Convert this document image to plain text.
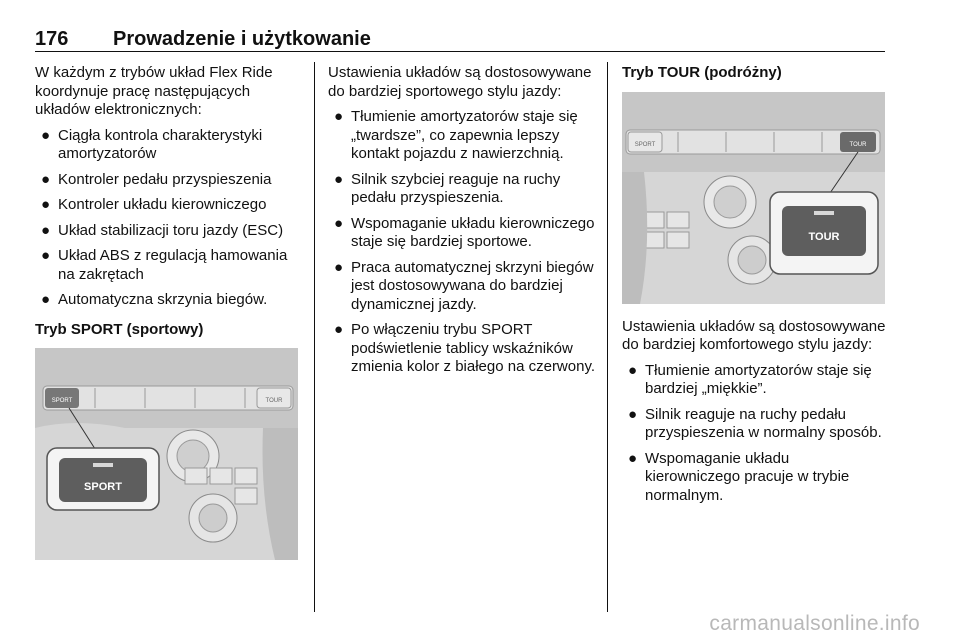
176 Prowadzenie i użytkowanie

W każdym z trybów układ Flex Ride koordynuje pracę następujących układów elektronicznych:

● Ciągła kontrola charakterystyki amortyzatorów
● Kontroler pedału przyspieszenia
● Kontroler układu kierowniczego
● Układ stabilizacji toru jazdy (ESC)
● Układ ABS z regulacją hamowania na zakrętach
● Automatyczna skrzynia biegów.
Tryb SPORT (sportowy)
SPORT	TOUR
SPORT

Ustawienia układów są dostosowywane do bardziej sportowego stylu jazdy:

● Tłumienie amortyzatorów staje się „twardsze”, co zapewnia lepszy kontakt pojazdu z nawierzchnią.
● Silnik szybciej reaguje na ruchy pedału przyspieszenia.
● Wspomaganie układu kierowniczego staje się bardziej sportowe.
● Praca automatycznej skrzyni biegów jest dostosowywana do bardziej dynamicznej jazdy.
● Po włączeniu trybu SPORT podświetlenie tablicy wskaźników zmienia kolor z białego na czerwony.
Tryb TOUR (podróżny)
SPORT	TOUR
TOUR

Ustawienia układów są dostosowywane do bardziej komfortowego stylu jazdy:

● Tłumienie amortyzatorów staje się bardziej „miękkie”.
● Silnik reaguje na ruchy pedału przyspieszenia w normalny sposób.
● Wspomaganie układu kierowniczego pracuje w trybie normalnym.
carmanualsonline.info
